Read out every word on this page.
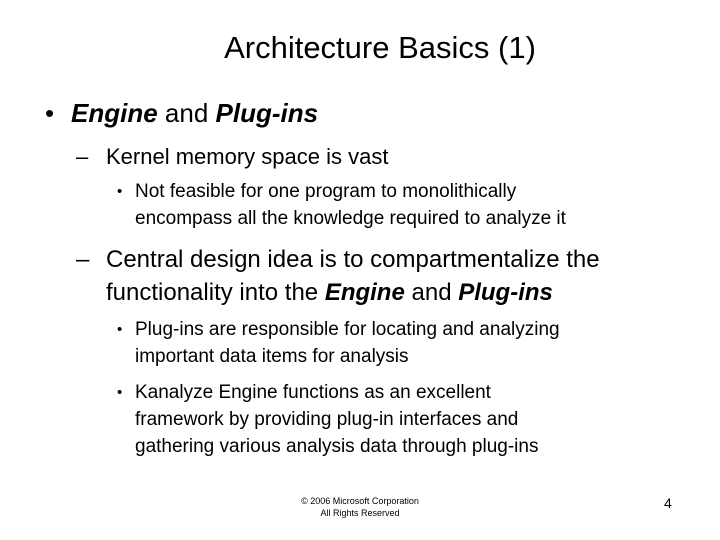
Architecture Basics (1)
• Engine and Plug-ins
– Kernel memory space is vast
• Not feasible for one program to monolithically
encompass all the knowledge required to analyze it
– Central design idea is to compartmentalize the
functionality into the Engine and Plug-ins
• Plug-ins are responsible for locating and analyzing
important data items for analysis
• Kanalyze Engine functions as an excellent
framework by providing plug-in interfaces and
gathering various analysis data through plug-ins
© 2006 Microsoft Corporation
All Rights Reserved
4
